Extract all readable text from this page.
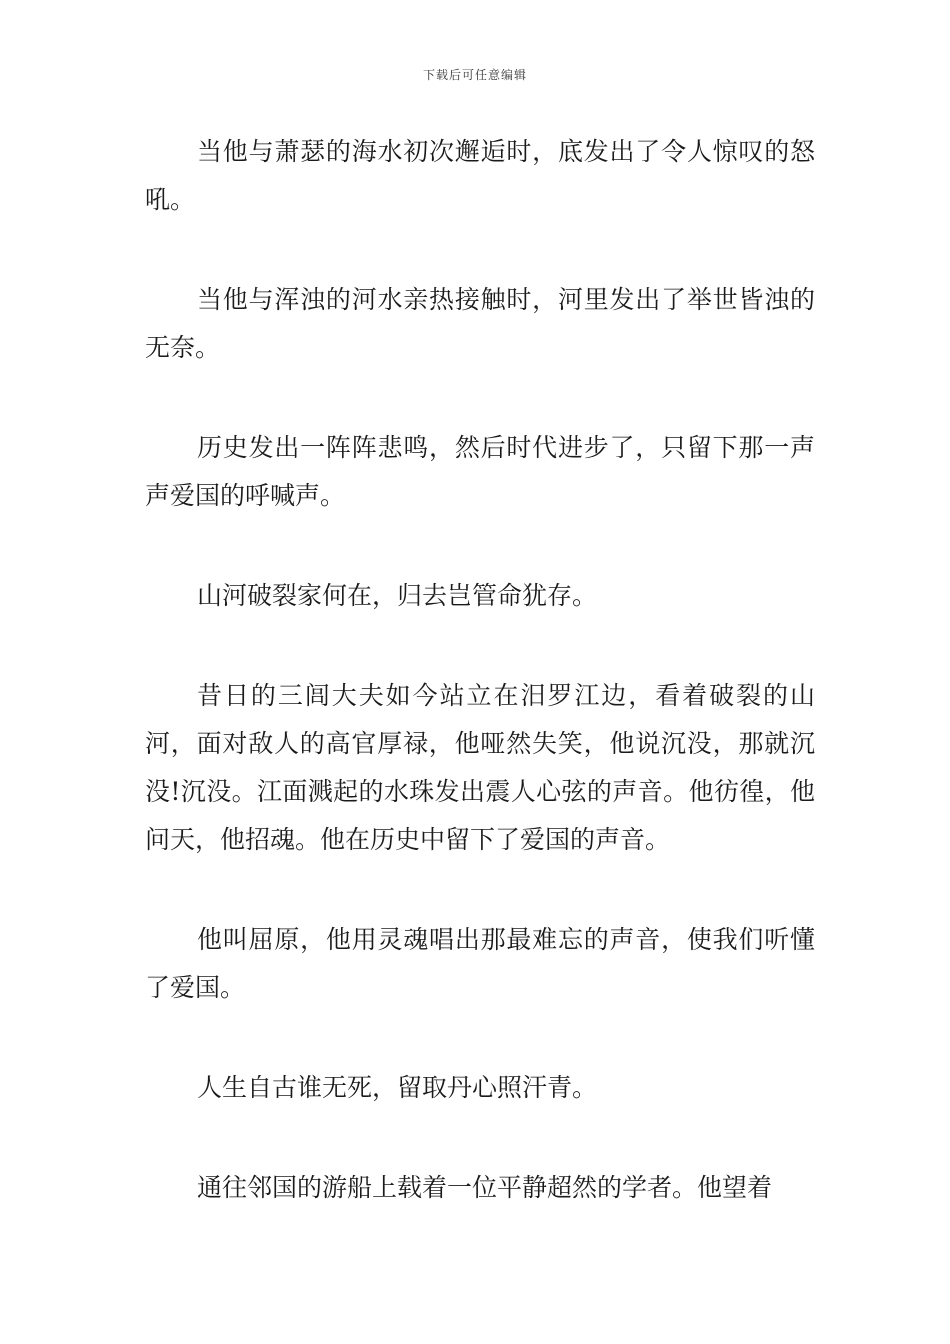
下载后可任意编辑

当他与萧瑟的海水初次邂逅时，底发出了令人惊叹的怒吼。

当他与浑浊的河水亲热接触时，河里发出了举世皆浊的无奈。

历史发出一阵阵悲鸣，然后时代进步了，只留下那一声声爱国的呼喊声。

山河破裂家何在，归去岂管命犹存。

昔日的三闾大夫如今站立在汨罗江边，看着破裂的山河，面对敌人的高官厚禄，他哑然失笑，他说沉没，那就沉没!沉没。江面溅起的水珠发出震人心弦的声音。他彷徨，他问天，他招魂。他在历史中留下了爱国的声音。

他叫屈原，他用灵魂唱出那最难忘的声音，使我们听懂了爱国。

人生自古谁无死，留取丹心照汗青。

通往邻国的游船上载着一位平静超然的学者。他望着
